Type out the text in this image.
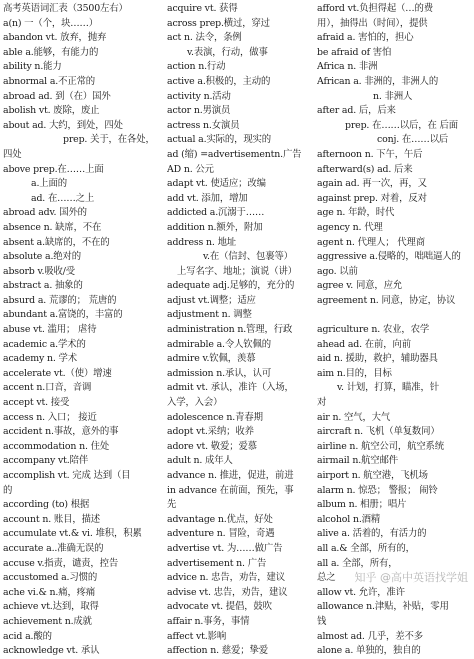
高考英语词汇表（3500左右）
a(n) 一（个，块……）
abandon vt. 放弃，抛弃
able a.能够，有能力的
ability n.能力
abnormal a.不正常的
abroad ad. 到（在）国外
abolish vt. 废除，废止
about ad. 大约，到处，四处
prep. 关于，在各处，
四处
above prep.在……上面
a.上面的
ad. 在……之上
abroad adv. 国外的
absence n. 缺席，不在
absent a.缺席的，不在的
absolute a.绝对的
absorb v.吸收/受
abstract a. 抽象的
absurd a. 荒谬的； 荒唐的
abundant a.富饶的，丰富的
abuse vt. 滥用； 虐待
academic a.学术的
academy n. 学术
accelerate vt.（使）增速
accent n.口音，音调
accept vt. 接受
access n. 入口； 接近
accident n.事故，意外的事
accommodation n. 住处
accompany vt.陪伴
accomplish vt. 完成 达到（目
的
according (to) 根据
account n. 账目，描述
accumulate vt.& vi. 堆积，积累
accurate a..准确无误的
accuse v.指责，谴责，控告
accustomed a.习惯的
ache vi.& n.痛，疼痛
achieve vt.达到，取得
achievement n.成就
acid a.酸的
acknowledge vt. 承认
acquire vt. 获得
across prep.横过，穿过
act n. 法令，条例
v.表演，行动，做事
action n.行动
active a.积极的，主动的
activity n.活动
actor n.男演员
actress n.女演员
actual a.实际的，现实的
ad (缩) =advertisementn.广告
AD n. 公元
adapt vt. 使适应；改编
add vt. 添加，增加
addicted a.沉溺于……
addition n.额外，附加
address n. 地址
v.在（信封、包裹等）
上写名字、地址；演说（讲）
adequate adj.足够的，充分的
adjust vt.调整；适应
adjustment n. 调整
administration n.管理，行政
admirable a.令人钦佩的
admire v.钦佩，羡慕
admission n.承认，认可
admit vt. 承认，准许（入场，
入学，入会）
adolescence n.青春期
adopt vt.采纳；收养
adore vt. 敬爱；爱慕
adult n. 成年人
advance n. 推进，促进，前进
in advance 在前面，预先，事
先
advantage n.优点，好处
adventure n. 冒险，奇遇
advertise vt. 为……做广告
advertisement n. 广告
advice n. 忠告，劝告，建议
advise vt. 忠告，劝告，建议
advocate vt. 提倡，鼓吹
affair n.事务，事情
affect vt.影响
affection n. 慈爱；挚爱
afford vt.负担得起（…的费
用），抽得出（时间），提供
afraid a. 害怕的，担心
be afraid of 害怕
Africa n. 非洲
African a. 非洲的，非洲人的
n. 非洲人
after ad. 后，后来
prep. 在……以后，在 后面
conj. 在……以后
afternoon n. 下午，午后
afterward(s) ad. 后来
again ad. 再一次，再，又
against prep. 对着，反对
age n. 年龄，时代
agency n. 代理
agent n. 代理人； 代理商
aggressive a.侵略的，咄咄逼人的
ago. 以前
agree v. 同意，应允
agreement n. 同意，协定，协议
agriculture n. 农业，农学
ahead ad. 在前，向前
aid n. 援助，救护，辅助器具
aim n.目的，目标
v. 计划，打算，瞄准，针
对
air n. 空气，大气
aircraft n. 飞机（单复数同）
airline n. 航空公司，航空系统
airmail n.航空邮件
airport n. 航空港，飞机场
alarm n. 惊恐； 警报； 闹铃
album n. 相册；唱片
alcohol n.酒精
alive a. 活着的，有活力的
all a.& 全部，所有的，
all a. 全部，所有，
总之
allow vt. 允许，准许
allowance n.津贴，补贴，零用
钱
almost ad. 几乎，差不多
alone a. 单独的，独自的
知乎 @高中英语找学姐
